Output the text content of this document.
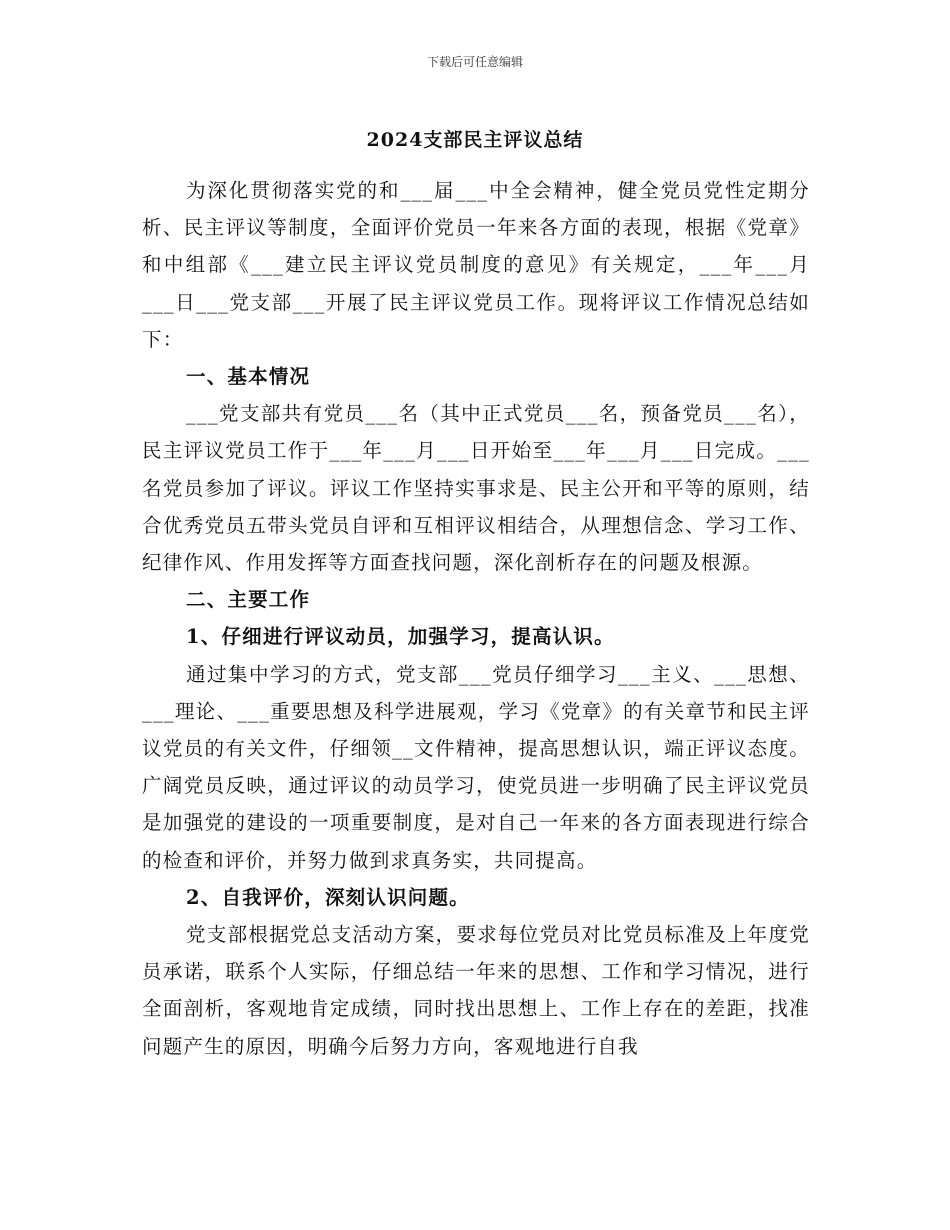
下载后可任意编辑
2024支部民主评议总结

为深化贯彻落实党的和___届___中全会精神，健全党员党性定期分析、民主评议等制度，全面评价党员一年来各方面的表现，根据《党章》和中组部《___建立民主评议党员制度的意见》有关规定，___年___月___日___党支部___开展了民主评议党员工作。现将评议工作情况总结如下：

一、基本情况

___党支部共有党员___名（其中正式党员___名，预备党员___名），民主评议党员工作于___年___月___日开始至___年___月___日完成。___名党员参加了评议。评议工作坚持实事求是、民主公开和平等的原则，结合优秀党员五带头党员自评和互相评议相结合，从理想信念、学习工作、纪律作风、作用发挥等方面查找问题，深化剖析存在的问题及根源。

二、主要工作

1、仔细进行评议动员，加强学习，提高认识。

通过集中学习的方式，党支部___党员仔细学习___主义、___思想、___理论、___重要思想及科学进展观，学习《党章》的有关章节和民主评议党员的有关文件，仔细领__文件精神，提高思想认识，端正评议态度。广阔党员反映，通过评议的动员学习，使党员进一步明确了民主评议党员是加强党的建设的一项重要制度，是对自己一年来的各方面表现进行综合的检查和评价，并努力做到求真务实，共同提高。

2、自我评价，深刻认识问题。

党支部根据党总支活动方案，要求每位党员对比党员标准及上年度党员承诺，联系个人实际，仔细总结一年来的思想、工作和学习情况，进行全面剖析，客观地肯定成绩，同时找出思想上、工作上存在的差距，找准问题产生的原因，明确今后努力方向，客观地进行自我
